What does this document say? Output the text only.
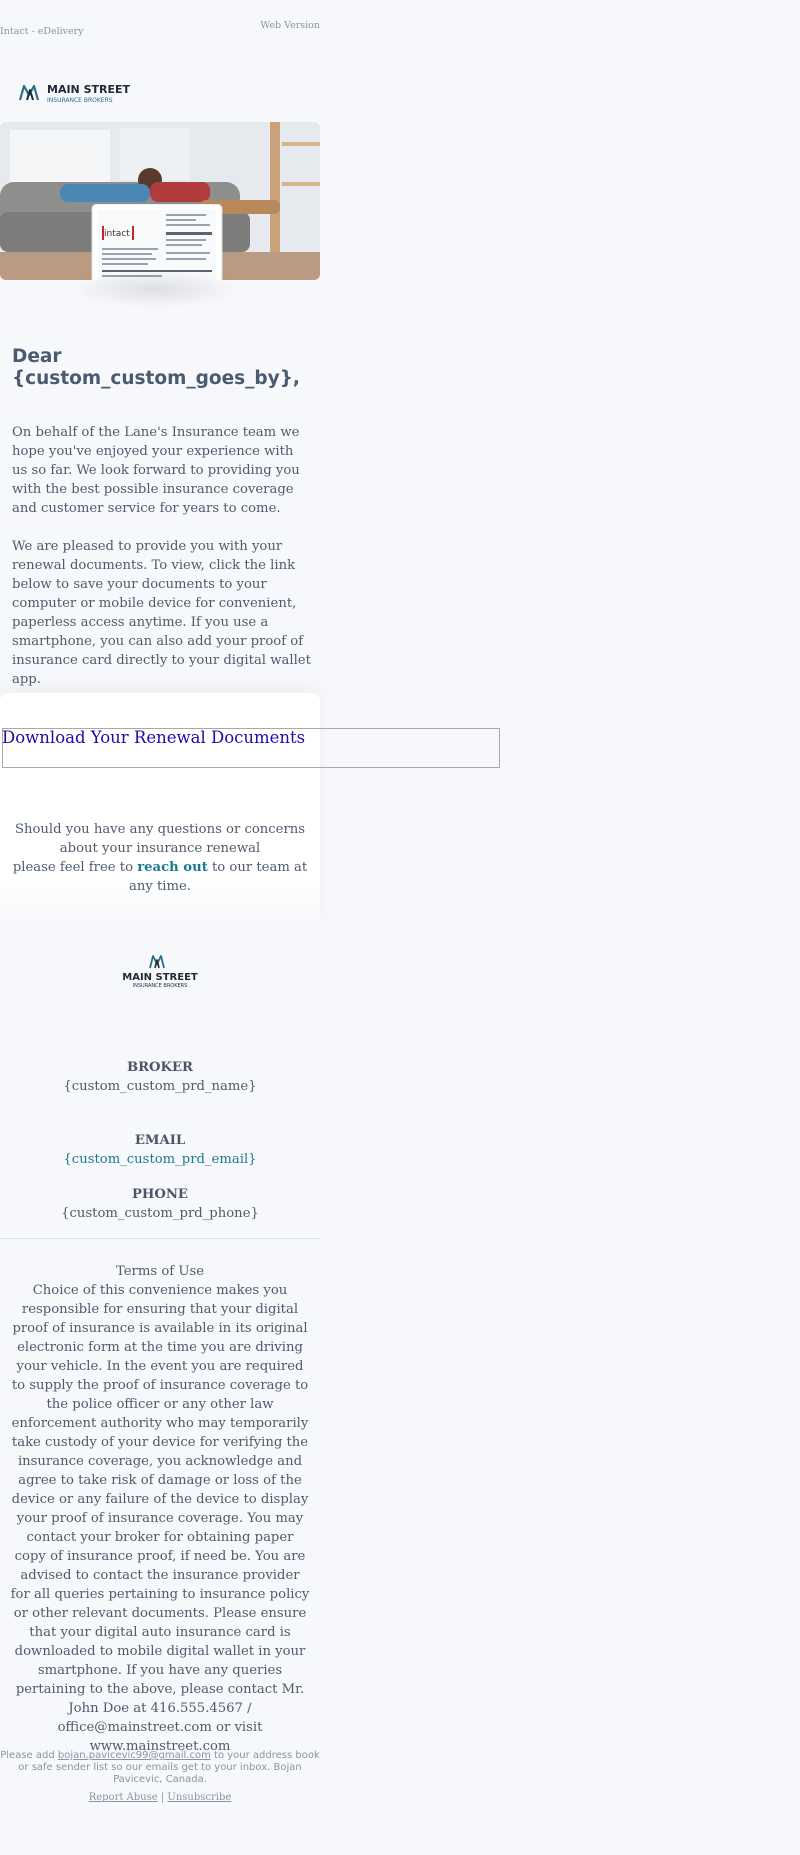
Intact - eDelivery
Web Version
MAIN STREET
INSURANCE BROKERS
intact
Dear {custom_custom_goes_by},
On behalf of the Lane's Insurance team we hope you've enjoyed your experience with us so far. We look forward to providing you with the best possible insurance coverage and customer service for years to come.
We are pleased to provide you with your renewal documents. To view, click the link below to save your documents to your computer or mobile device for convenient, paperless access anytime. If you use a smartphone, you can also add your proof of insurance card directly to your digital wallet app.
Download Your Renewal Documents
Should you have any questions or concerns about your insurance renewal
please feel free to reach out to our team at any time.
MAIN STREET
INSURANCE BROKERS
BROKER
{custom_custom_prd_name}
EMAIL
{custom_custom_prd_email}
PHONE
{custom_custom_prd_phone}
Terms of Use
Choice of this convenience makes you responsible for ensuring that your digital proof of insurance is available in its original electronic form at the time you are driving your vehicle. In the event you are required to supply the proof of insurance coverage to the police officer or any other law enforcement authority who may temporarily take custody of your device for verifying the insurance coverage, you acknowledge and agree to take risk of damage or loss of the device or any failure of the device to display your proof of insurance coverage. You may contact your broker for obtaining paper copy of insurance proof, if need be. You are advised to contact the insurance provider for all queries pertaining to insurance policy or other relevant documents. Please ensure that your digital auto insurance card is downloaded to mobile digital wallet in your smartphone. If you have any queries pertaining to the above, please contact Mr. John Doe at 416.555.4567 / office@mainstreet.com or visit www.mainstreet.com
Please add bojan.pavicevic99@gmail.com to your address book or safe sender list so our emails get to your inbox. Bojan Pavicevic, Canada.
Report Abuse | Unsubscribe
